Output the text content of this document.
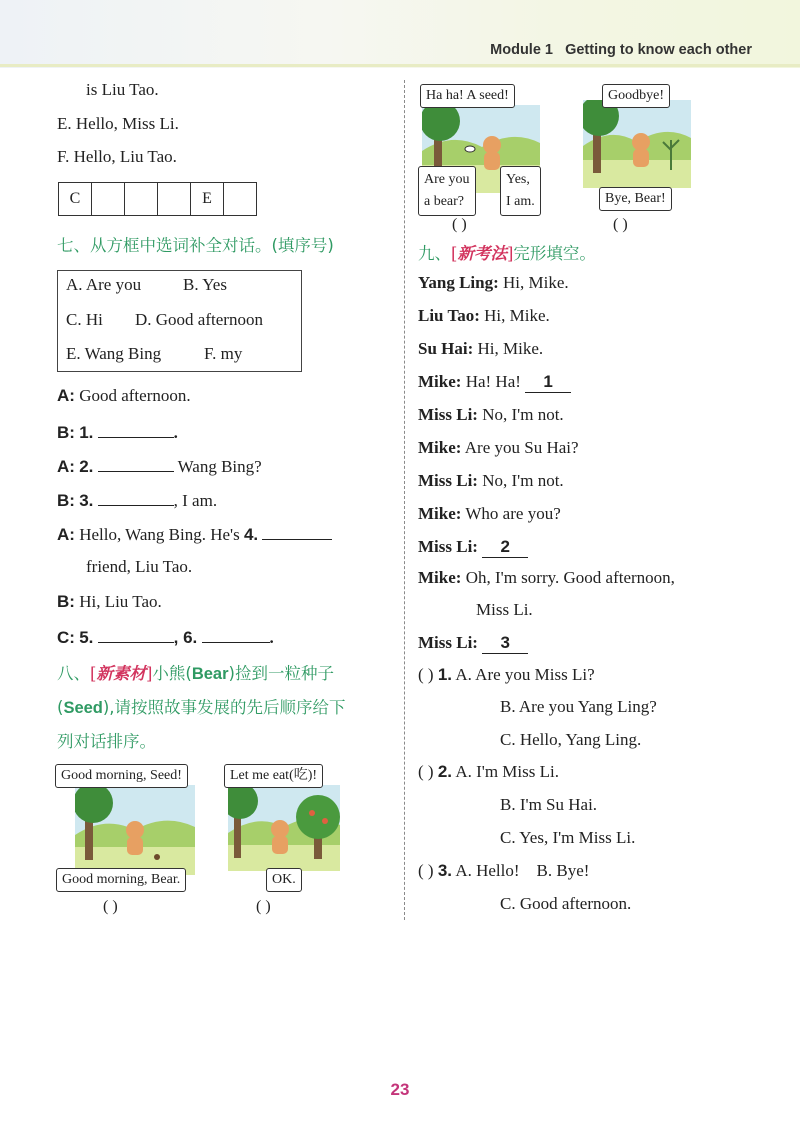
Module 1 Getting to know each other
is Liu Tao.
E. Hello, Miss Li.
F. Hello, Liu Tao.
C				E	
七、从方框中选词补全对话。(填序号)
A. Are you B. Yes
C. Hi D. Good afternoon
E. Wang Bing	F. my
A: Good afternoon.
B: 1.	.
A: 2.	Wang Bing?
B: 3.	, I am.
A: Hello, Wang Bing. He's 4.
friend, Liu Tao.
B: Hi, Liu Tao.
C: 5.	, 6.	.
八、[新素材]小熊(Bear)捡到一粒种子
(Seed),请按照故事发展的先后顺序给下
列对话排序。
Good morning, Seed!
Good morning, Bear.
( )
Let me eat(吃)!
OK.
( )
Ha ha! A seed!
Are you
a bear?
Yes,
I am.
( )
Goodbye!
Bye, Bear!
( )
九、[新考法]完形填空。
Yang Ling: Hi, Mike.
Liu Tao: Hi, Mike.
Su Hai: Hi, Mike.
Mike: Ha! Ha! 1
Miss Li: No, I'm not.
Mike: Are you Su Hai?
Miss Li: No, I'm not.
Mike: Who are you?
Miss Li: 2
Mike: Oh, I'm sorry. Good afternoon,
Miss Li.
Miss Li: 3
( ) 1. A. Are you Miss Li?
B. Are you Yang Ling?
C. Hello, Yang Ling.
( ) 2. A. I'm Miss Li.
B. I'm Su Hai.
C. Yes, I'm Miss Li.
( ) 3. A. Hello! B. Bye!
C. Good afternoon.
23
